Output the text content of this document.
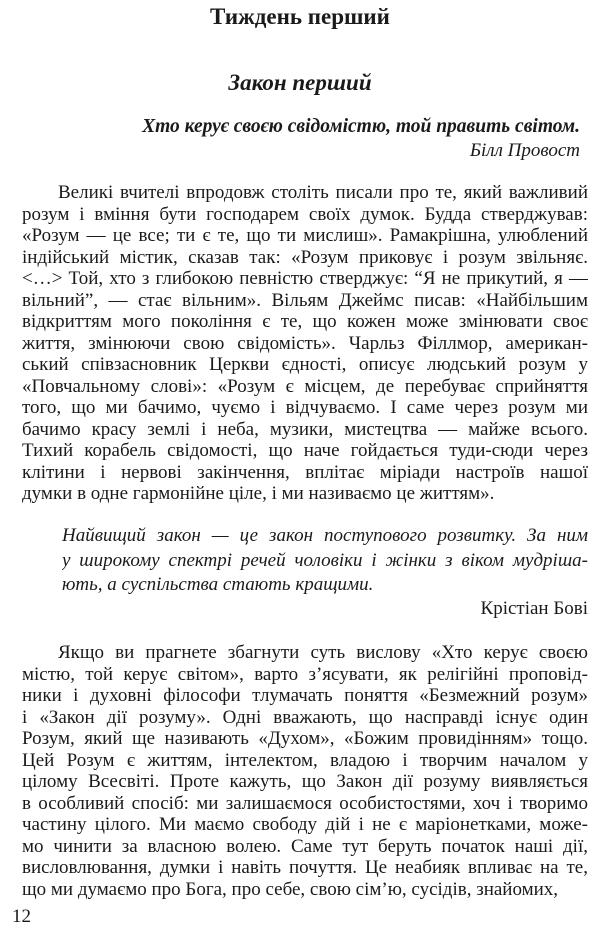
Тиждень перший
Закон перший
Хто керує своєю свідомістю, той править світом.
Білл Провост
Великі вчителі впродовж століть писали про те, який важливий
розум і вміння бути господарем своїх думок. Будда стверджував:
«Розум — це все; ти є те, що ти мислиш». Рамакрішна, улюблений
індійський містик, сказав так: «Розум приковує і розум звільняє.
<…> Той, хто з глибокою певністю стверджує: “Я не прикутий, я —
вільний”, — стає вільним». Вільям Джеймс писав: «Найбільшим
відкриттям мого покоління є те, що кожен може змінювати своє
життя, змінюючи свою свідомість». Чарльз Філлмор, американ-
ський співзасновник Церкви єдності, описує людський розум у
«Повчальному слові»: «Розум є місцем, де перебуває сприйняття
того, що ми бачимо, чуємо і відчуваємо. І саме через розум ми
бачимо красу землі і неба, музики, мистецтва — майже всього.
Тихий корабель свідомості, що наче гойдається туди-сюди через
клітини і нервові закінчення, вплітає міріади настроїв нашої
думки в одне гармонійне ціле, і ми називаємо це життям».
Найвищий закон — це закон поступового розвитку. За ним
у широкому спектрі речей чоловіки і жінки з віком мудріша-
ють, а суспільства стають кращими.
Крістіан Бові
Якщо ви прагнете збагнути суть вислову «Хто керує своєю
містю, той керує світом», варто з’ясувати, як релігійні проповід-
ники і духовні філософи тлумачать поняття «Безмежний розум»
і «Закон дії розуму». Одні вважають, що насправді існує один
Розум, який ще називають «Духом», «Божим провидінням» тощо.
Цей Розум є життям, інтелектом, владою і творчим началом у
цілому Всесвіті. Проте кажуть, що Закон дії розуму виявляється
в особливий спосіб: ми залишаємося особистостями, хоч і творимо
частину цілого. Ми маємо свободу дій і не є маріонетками, може-
мо чинити за власною волею. Саме тут беруть початок наші дії,
висловлювання, думки і навіть почуття. Це неабияк впливає на те,
що ми думаємо про Бога, про себе, свою сім’ю, сусідів, знайомих,
12
